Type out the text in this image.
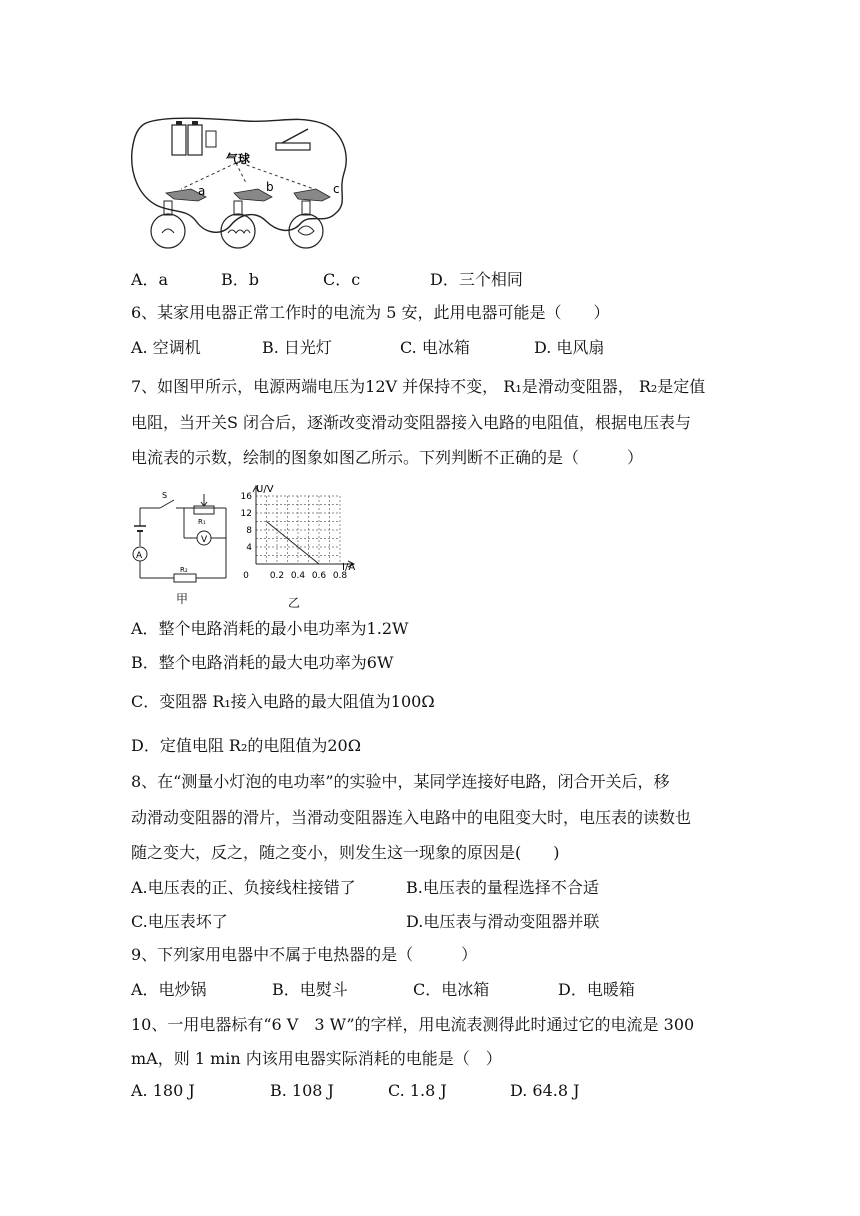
a	b	c
气球
A．a	B．b	C．c	D．三个相同
6、某家用电器正常工作时的电流为 5 安，此用电器可能是（　　）
A. 空调机	B. 日光灯	C. 电冰箱	D. 电风扇
7、如图甲所示，电源两端电压为12V 并保持不变， R₁是滑动变阻器， R₂是定值
电阻，当开关S 闭合后，逐渐改变滑动变阻器接入电路的电阻值，根据电压表与
电流表的示数，绘制的图象如图乙所示。下列判断不正确的是（　　　）
A
R₂
S
R₁
V
甲
16
12
8
4
0 0.2 0.4 0.6 0.8
U/V
I/A
乙
A．整个电路消耗的最小电功率为1.2W
B．整个电路消耗的最大电功率为6W
C．变阻器 R₁接入电路的最大阻值为100Ω
D．定值电阻 R₂的电阻值为20Ω
8、在“测量小灯泡的电功率”的实验中，某同学连接好电路，闭合开关后，移
动滑动变阻器的滑片，当滑动变阻器连入电路中的电阻变大时，电压表的读数也
随之变大，反之，随之变小，则发生这一现象的原因是(　　)
A.电压表的正、负接线柱接错了	B.电压表的量程选择不合适
C.电压表坏了	D.电压表与滑动变阻器并联
9、下列家用电器中不属于电热器的是（　　　）
A．电炒锅	B．电熨斗	C．电冰箱	D．电暖箱
10、一用电器标有“6 V　3 W”的字样，用电流表测得此时通过它的电流是 300
mA，则 1 min 内该用电器实际消耗的电能是（　）
A. 180 J	B. 108 J	C. 1.8 J	D. 64.8 J
